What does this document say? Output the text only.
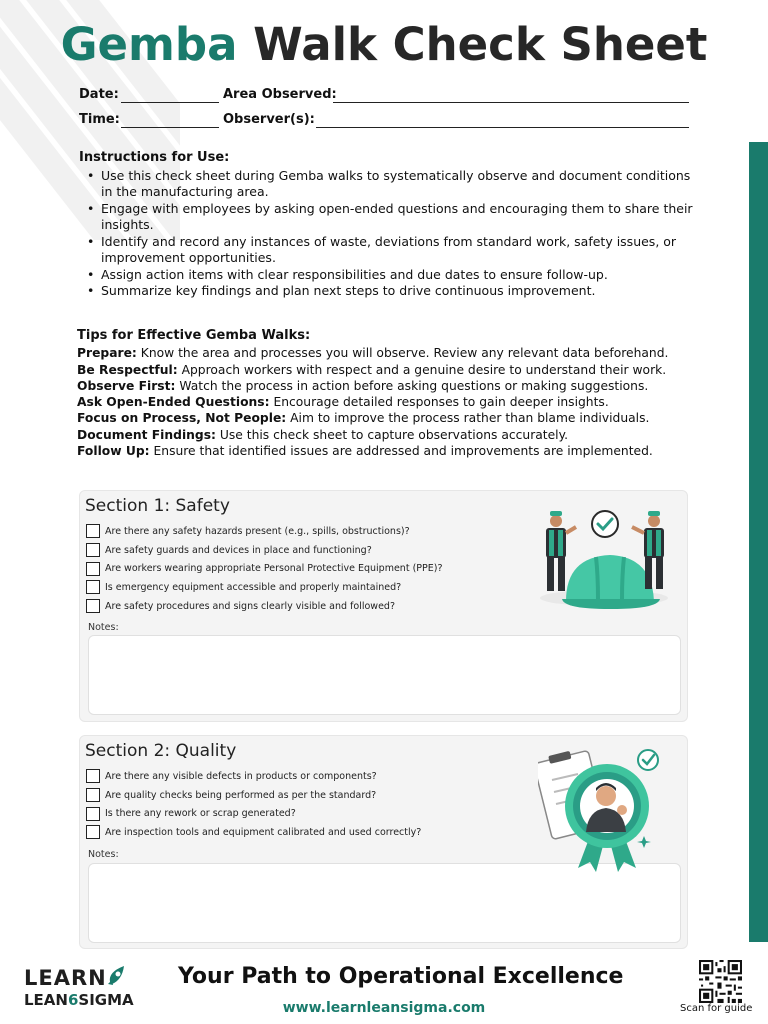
Gemba Walk Check Sheet
Date:	Area Observed:
Time:	Observer(s):
Instructions for Use:
• Use this check sheet during Gemba walks to systematically observe and document conditions in the manufacturing area.
• Engage with employees by asking open-ended questions and encouraging them to share their insights.
• Identify and record any instances of waste, deviations from standard work, safety issues, or improvement opportunities.
• Assign action items with clear responsibilities and due dates to ensure follow-up.
• Summarize key findings and plan next steps to drive continuous improvement.
Tips for Effective Gemba Walks:

Prepare: Know the area and processes you will observe. Review any relevant data beforehand.

Be Respectful: Approach workers with respect and a genuine desire to understand their work.

Observe First: Watch the process in action before asking questions or making suggestions.

Ask Open-Ended Questions: Encourage detailed responses to gain deeper insights.

Focus on Process, Not People: Aim to improve the process rather than blame individuals.

Document Findings: Use this check sheet to capture observations accurately.

Follow Up: Ensure that identified issues are addressed and improvements are implemented.

Section 1: Safety
Are there any safety hazards present (e.g., spills, obstructions)?
Are safety guards and devices in place and functioning?
Are workers wearing appropriate Personal Protective Equipment (PPE)?
Is emergency equipment accessible and properly maintained?
Are safety procedures and signs clearly visible and followed?
Notes:
Section 2: Quality
Are there any visible defects in products or components?
Are quality checks being performed as per the standard?
Is there any rework or scrap generated?
Are inspection tools and equipment calibrated and used correctly?
Notes:
LEARN
LEAN6SIGMA
Your Path to Operational Excellence
www.learnleansigma.com	Scan for guide
